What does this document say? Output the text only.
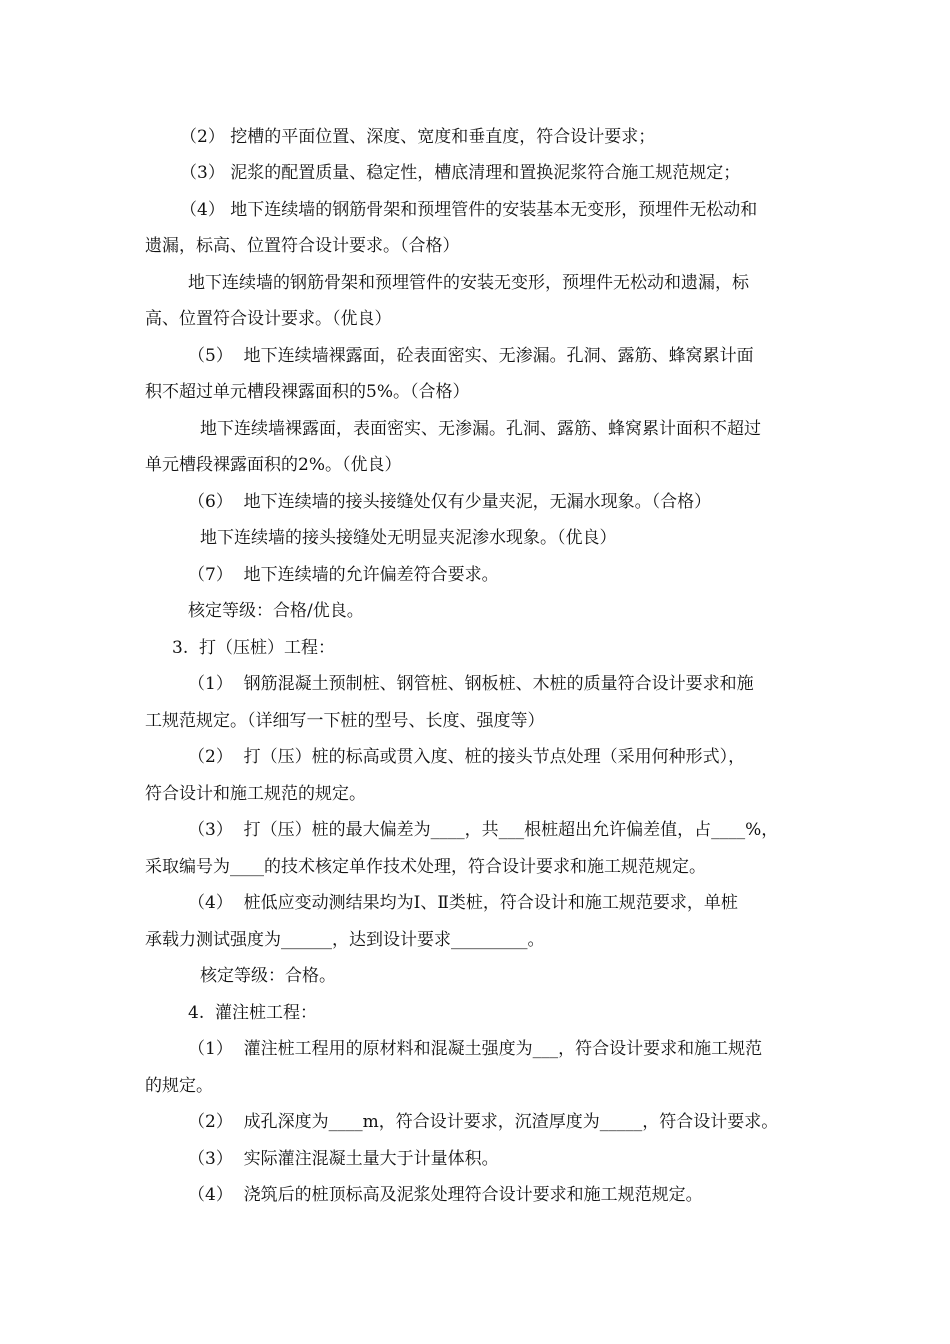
（2） 挖槽的平面位置、深度、宽度和垂直度，符合设计要求；
（3） 泥浆的配置质量、稳定性，槽底清理和置换泥浆符合施工规范规定；
（4） 地下连续墙的钢筋骨架和预埋管件的安装基本无变形，预埋件无松动和
遗漏，标高、位置符合设计要求。（合格）
地下连续墙的钢筋骨架和预埋管件的安装无变形，预埋件无松动和遗漏，标
高、位置符合设计要求。（优良）
（5）  地下连续墙裸露面，砼表面密实、无渗漏。孔洞、露筋、蜂窝累计面
积不超过单元槽段裸露面积的5%。（合格）
地下连续墙裸露面，表面密实、无渗漏。孔洞、露筋、蜂窝累计面积不超过
单元槽段裸露面积的2%。（优良）
（6）  地下连续墙的接头接缝处仅有少量夹泥，无漏水现象。（合格）
地下连续墙的接头接缝处无明显夹泥渗水现象。（优良）
（7）  地下连续墙的允许偏差符合要求。
核定等级：合格/优良。
3.  打（压桩）工程：
（1）  钢筋混凝土预制桩、钢管桩、钢板桩、木桩的质量符合设计要求和施
工规范规定。（详细写一下桩的型号、长度、强度等）
（2）  打（压）桩的标高或贯入度、桩的接头节点处理（采用何种形式），
符合设计和施工规范的规定。
（3）  打（压）桩的最大偏差为____，共___根桩超出允许偏差值，占____%，
采取编号为____的技术核定单作技术处理，符合设计要求和施工规范规定。
（4）  桩低应变动测结果均为Ⅰ、Ⅱ类桩，符合设计和施工规范要求，单桩
承载力测试强度为______，达到设计要求_________。
核定等级：合格。
4.  灌注桩工程：
（1）  灌注桩工程用的原材料和混凝土强度为___，符合设计要求和施工规范
的规定。
（2）  成孔深度为____m，符合设计要求，沉渣厚度为_____，符合设计要求。
（3）  实际灌注混凝土量大于计量体积。
（4）  浇筑后的桩顶标高及泥浆处理符合设计要求和施工规范规定。
